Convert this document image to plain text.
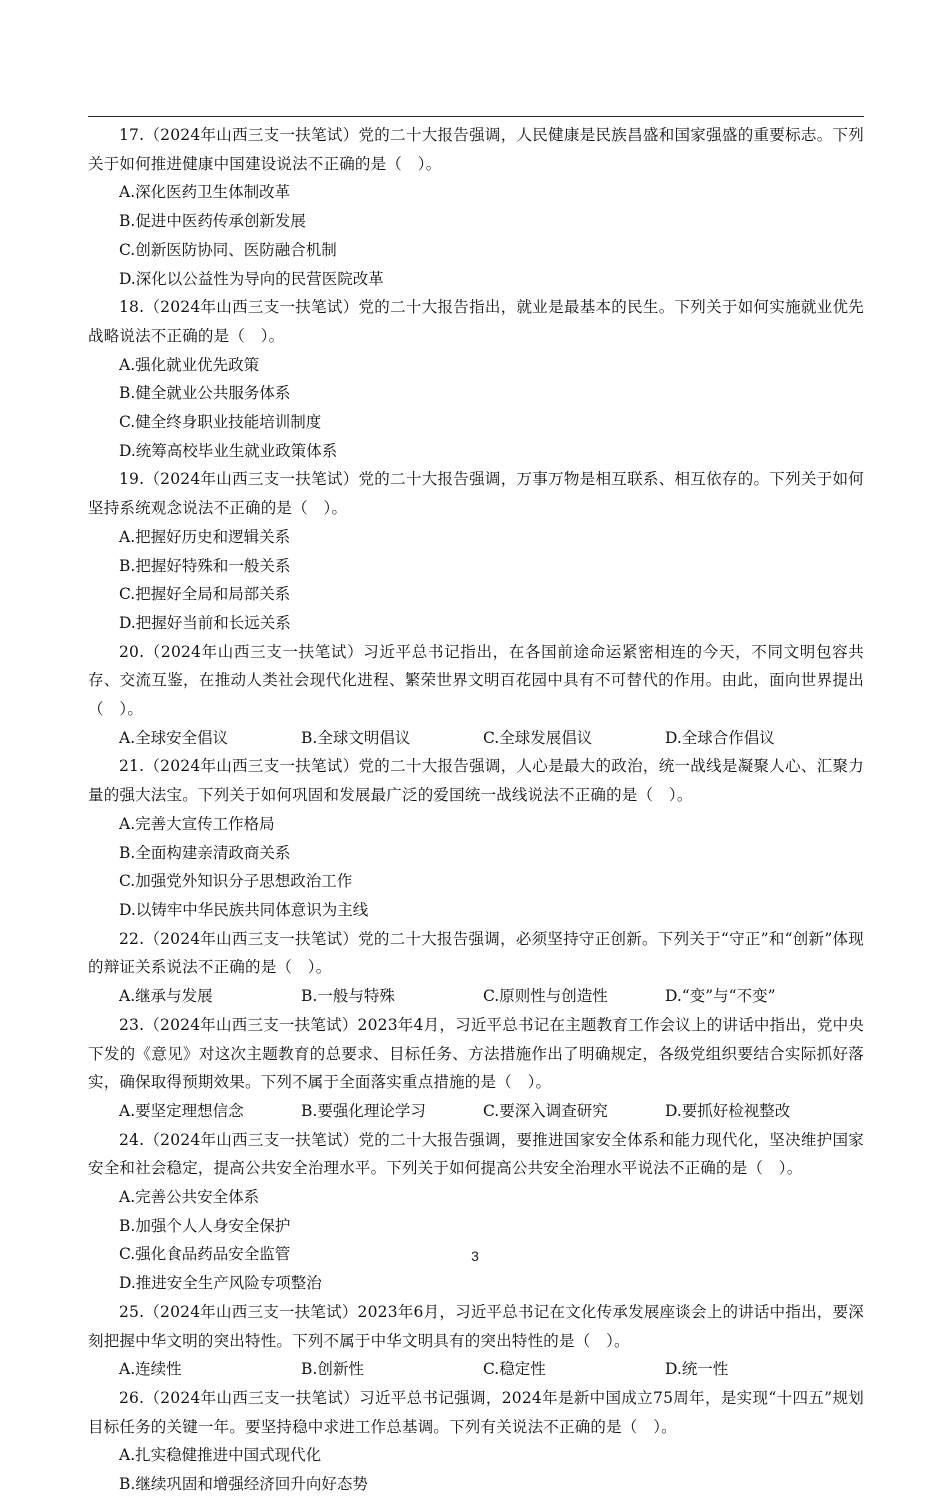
17.（2024年山西三支一扶笔试）党的二十大报告强调，人民健康是民族昌盛和国家强盛的重要标志。下列关于如何推进健康中国建设说法不正确的是（　）。

A.深化医药卫生体制改革
B.促进中医药传承创新发展
C.创新医防协同、医防融合机制
D.深化以公益性为导向的民营医院改革

18.（2024年山西三支一扶笔试）党的二十大报告指出，就业是最基本的民生。下列关于如何实施就业优先战略说法不正确的是（　）。

A.强化就业优先政策
B.健全就业公共服务体系
C.健全终身职业技能培训制度
D.统筹高校毕业生就业政策体系

19.（2024年山西三支一扶笔试）党的二十大报告强调，万事万物是相互联系、相互依存的。下列关于如何坚持系统观念说法不正确的是（　）。

A.把握好历史和逻辑关系
B.把握好特殊和一般关系
C.把握好全局和局部关系
D.把握好当前和长远关系

20.（2024年山西三支一扶笔试）习近平总书记指出，在各国前途命运紧密相连的今天，不同文明包容共存、交流互鉴，在推动人类社会现代化进程、繁荣世界文明百花园中具有不可替代的作用。由此，面向世界提出（　）。

A.全球安全倡议	B.全球文明倡议	C.全球发展倡议	D.全球合作倡议

21.（2024年山西三支一扶笔试）党的二十大报告强调，人心是最大的政治，统一战线是凝聚人心、汇聚力量的强大法宝。下列关于如何巩固和发展最广泛的爱国统一战线说法不正确的是（　）。

A.完善大宣传工作格局
B.全面构建亲清政商关系
C.加强党外知识分子思想政治工作
D.以铸牢中华民族共同体意识为主线

22.（2024年山西三支一扶笔试）党的二十大报告强调，必须坚持守正创新。下列关于“守正”和“创新”体现的辩证关系说法不正确的是（　）。

A.继承与发展	B.一般与特殊	C.原则性与创造性	D.“变”与“不变”

23.（2024年山西三支一扶笔试）2023年4月，习近平总书记在主题教育工作会议上的讲话中指出，党中央下发的《意见》对这次主题教育的总要求、目标任务、方法措施作出了明确规定，各级党组织要结合实际抓好落实，确保取得预期效果。下列不属于全面落实重点措施的是（　）。

A.要坚定理想信念	B.要强化理论学习	C.要深入调查研究	D.要抓好检视整改

24.（2024年山西三支一扶笔试）党的二十大报告强调，要推进国家安全体系和能力现代化，坚决维护国家安全和社会稳定，提高公共安全治理水平。下列关于如何提高公共安全治理水平说法不正确的是（　）。

A.完善公共安全体系
B.加强个人人身安全保护
C.强化食品药品安全监管
D.推进安全生产风险专项整治

25.（2024年山西三支一扶笔试）2023年6月，习近平总书记在文化传承发展座谈会上的讲话中指出，要深刻把握中华文明的突出特性。下列不属于中华文明具有的突出特性的是（　）。

A.连续性	B.创新性	C.稳定性	D.统一性

26.（2024年山西三支一扶笔试）习近平总书记强调，2024年是新中国成立75周年，是实现“十四五”规划目标任务的关键一年。要坚持稳中求进工作总基调。下列有关说法不正确的是（　）。

A.扎实稳健推进中国式现代化
B.继续巩固和增强经济回升向好态势
3
